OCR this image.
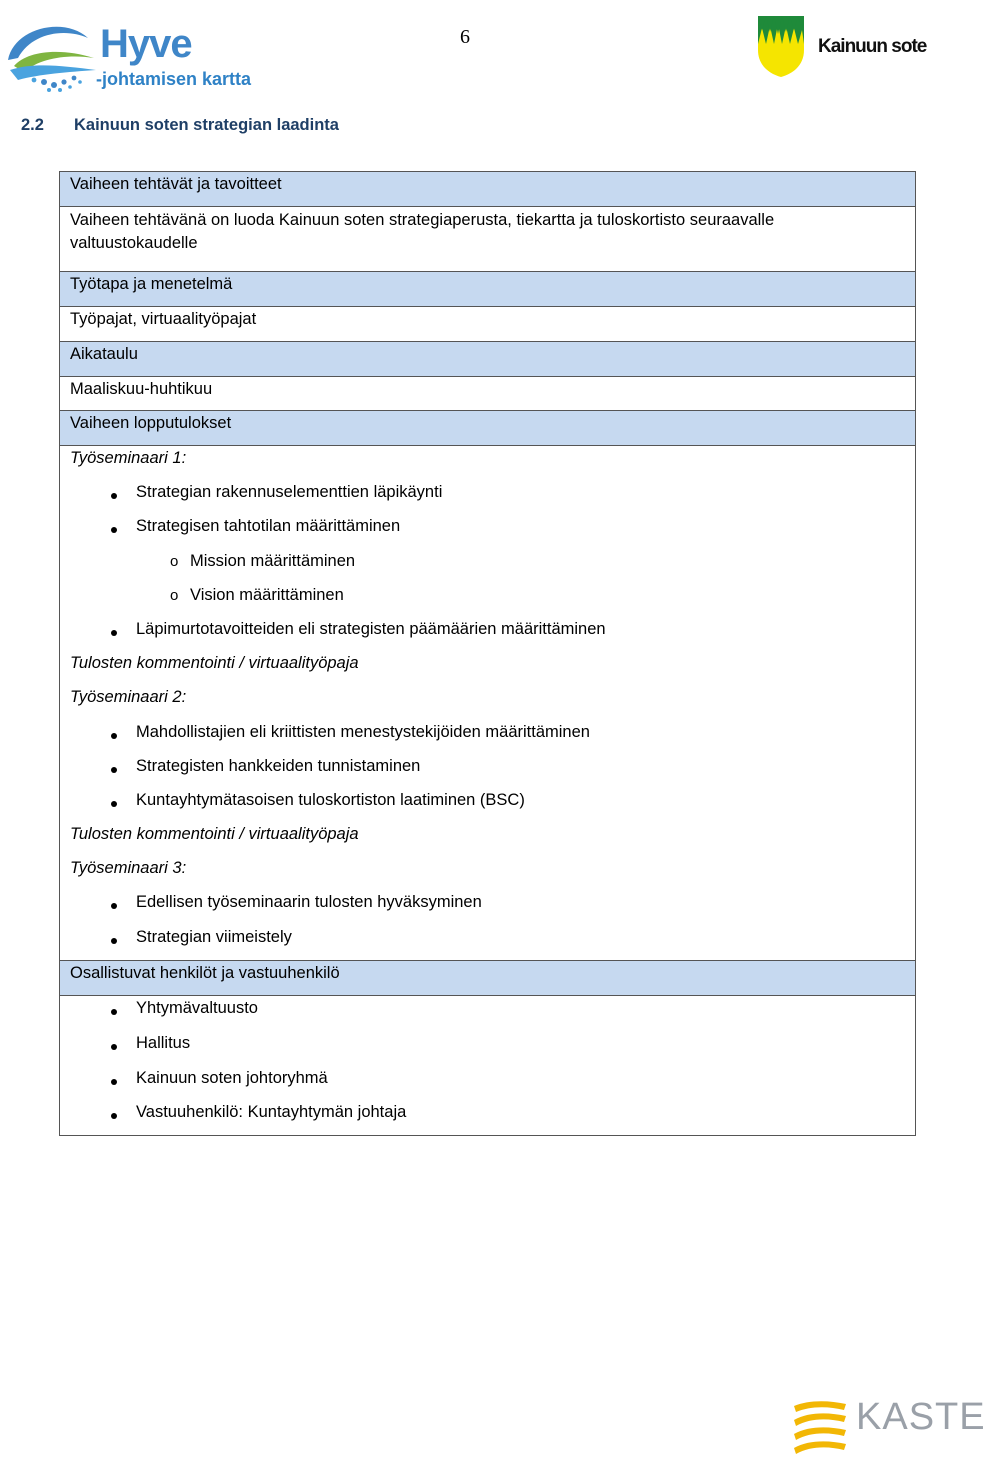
Hyve
-johtamisen kartta
6	Kainuun sote
2.2 Kainuun soten strategian laadinta
Vaiheen tehtävät ja tavoitteet
Vaiheen tehtävänä on luoda Kainuun soten strategiaperusta, tiekartta ja tuloskortisto seuraavalle
valtuustokaudelle
Työtapa ja menetelmä
Työpajat, virtuaalityöpajat
Aikataulu
Maaliskuu-huhtikuu
Vaiheen lopputulokset
Työseminaari 1:
Strategian rakennuselementtien läpikäynti
Strategisen tahtotilan määrittäminen
o Mission määrittäminen
o Vision määrittäminen
Läpimurtotavoitteiden eli strategisten päämäärien määrittäminen
Tulosten kommentointi / virtuaalityöpaja
Työseminaari 2:
Mahdollistajien eli kriittisten menestystekijöiden määrittäminen
Strategisten hankkeiden tunnistaminen
Kuntayhtymätasoisen tuloskortiston laatiminen (BSC)
Tulosten kommentointi / virtuaalityöpaja
Työseminaari 3:
Edellisen työseminaarin tulosten hyväksyminen
Strategian viimeistely
Osallistuvat henkilöt ja vastuuhenkilö
Yhtymävaltuusto
Hallitus
Kainuun soten johtoryhmä
Vastuuhenkilö: Kuntayhtymän johtaja
KASTE
